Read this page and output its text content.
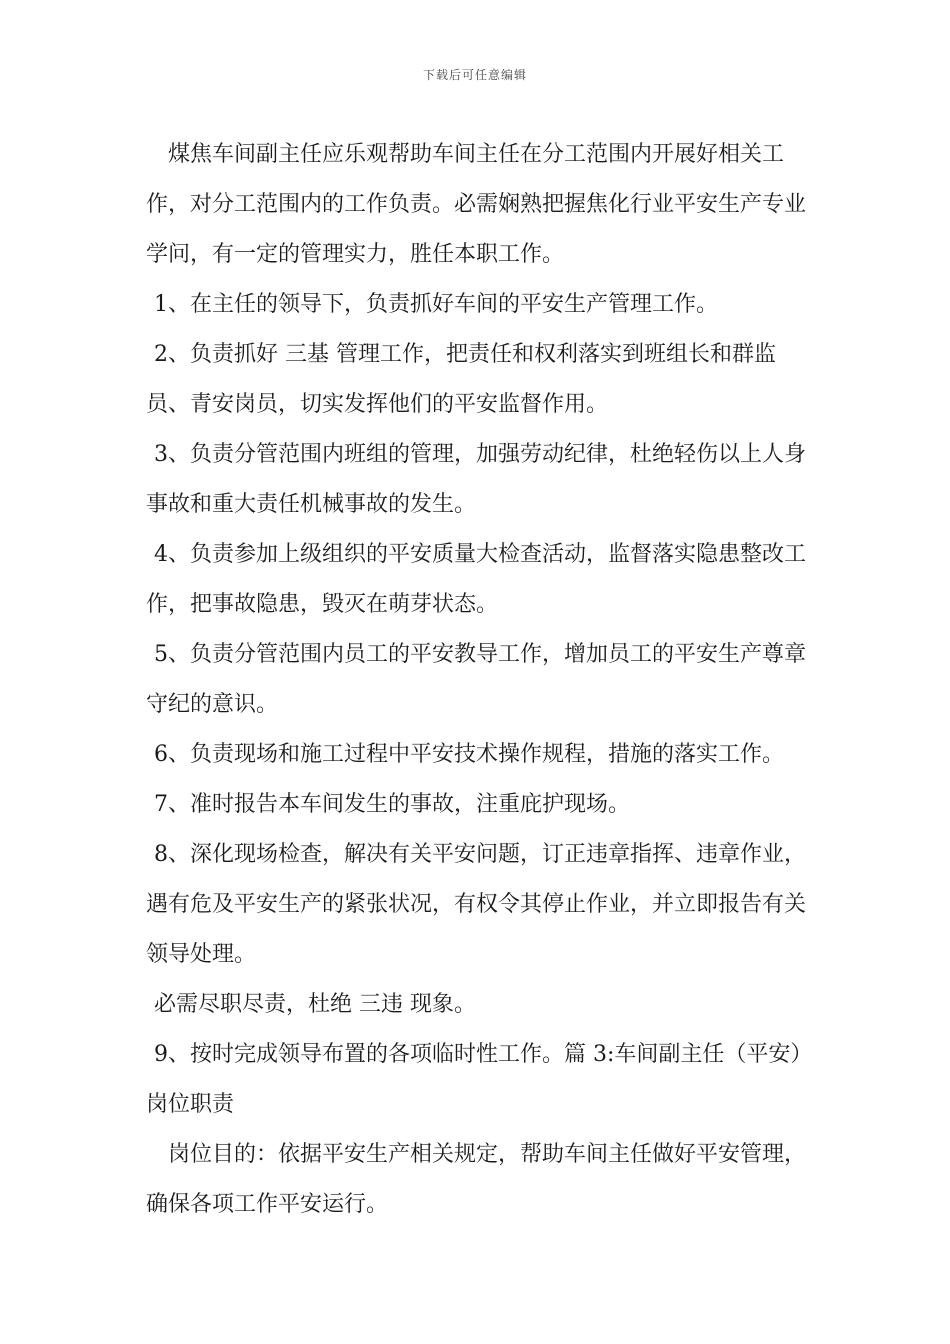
下载后可任意编辑

煤焦车间副主任应乐观帮助车间主任在分工范围内开展好相关工作，对分工范围内的工作负责。必需娴熟把握焦化行业平安生产专业学问，有一定的管理实力，胜任本职工作。

1、在主任的领导下，负责抓好车间的平安生产管理工作。

2、负责抓好 三基 管理工作，把责任和权利落实到班组长和群监员、青安岗员，切实发挥他们的平安监督作用。

3、负责分管范围内班组的管理，加强劳动纪律，杜绝轻伤以上人身事故和重大责任机械事故的发生。

4、负责参加上级组织的平安质量大检查活动，监督落实隐患整改工作，把事故隐患，毁灭在萌芽状态。

5、负责分管范围内员工的平安教导工作，增加员工的平安生产尊章守纪的意识。

6、负责现场和施工过程中平安技术操作规程，措施的落实工作。

7、准时报告本车间发生的事故，注重庇护现场。

8、深化现场检查，解决有关平安问题，订正违章指挥、违章作业，遇有危及平安生产的紧张状况，有权令其停止作业，并立即报告有关领导处理。

必需尽职尽责，杜绝 三违 现象。

9、按时完成领导布置的各项临时性工作。篇 3:车间副主任（平安）岗位职责

岗位目的：依据平安生产相关规定，帮助车间主任做好平安管理，确保各项工作平安运行。
